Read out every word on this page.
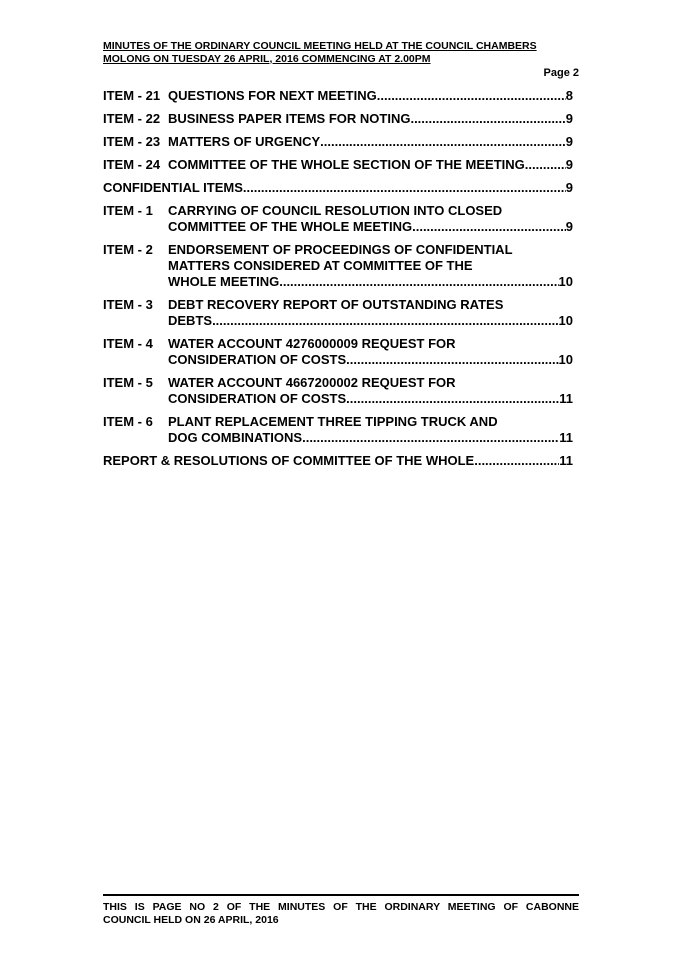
MINUTES OF THE ORDINARY COUNCIL MEETING HELD AT THE COUNCIL CHAMBERS
MOLONG ON TUESDAY 26 APRIL, 2016 COMMENCING AT 2.00PM
Page 2
ITEM - 21 QUESTIONS FOR NEXT MEETING .....	8
ITEM - 22 BUSINESS PAPER ITEMS FOR NOTING .....	9
ITEM - 23 MATTERS OF URGENCY .....	9
ITEM - 24 COMMITTEE OF THE WHOLE SECTION OF THE MEETING .....	9
CONFIDENTIAL ITEMS .....	9
ITEM - 1	CARRYING OF COUNCIL RESOLUTION INTO CLOSED
COMMITTEE OF THE WHOLE MEETING .....	9
ITEM - 2	ENDORSEMENT OF PROCEEDINGS OF CONFIDENTIAL
MATTERS CONSIDERED AT COMMITTEE OF THE
WHOLE MEETING .....	10
ITEM - 3	DEBT RECOVERY REPORT OF OUTSTANDING RATES
DEBTS .....	10
ITEM - 4	WATER ACCOUNT 4276000009 REQUEST FOR
CONSIDERATION OF COSTS .....	10
ITEM - 5	WATER ACCOUNT 4667200002 REQUEST FOR
CONSIDERATION OF COSTS .....	11
ITEM - 6	PLANT REPLACEMENT THREE TIPPING TRUCK AND
DOG COMBINATIONS .....	11
REPORT & RESOLUTIONS OF COMMITTEE OF THE WHOLE .....	11
THIS IS PAGE NO 2 OF THE MINUTES OF THE ORDINARY MEETING OF CABONNE
COUNCIL HELD ON 26 APRIL, 2016
